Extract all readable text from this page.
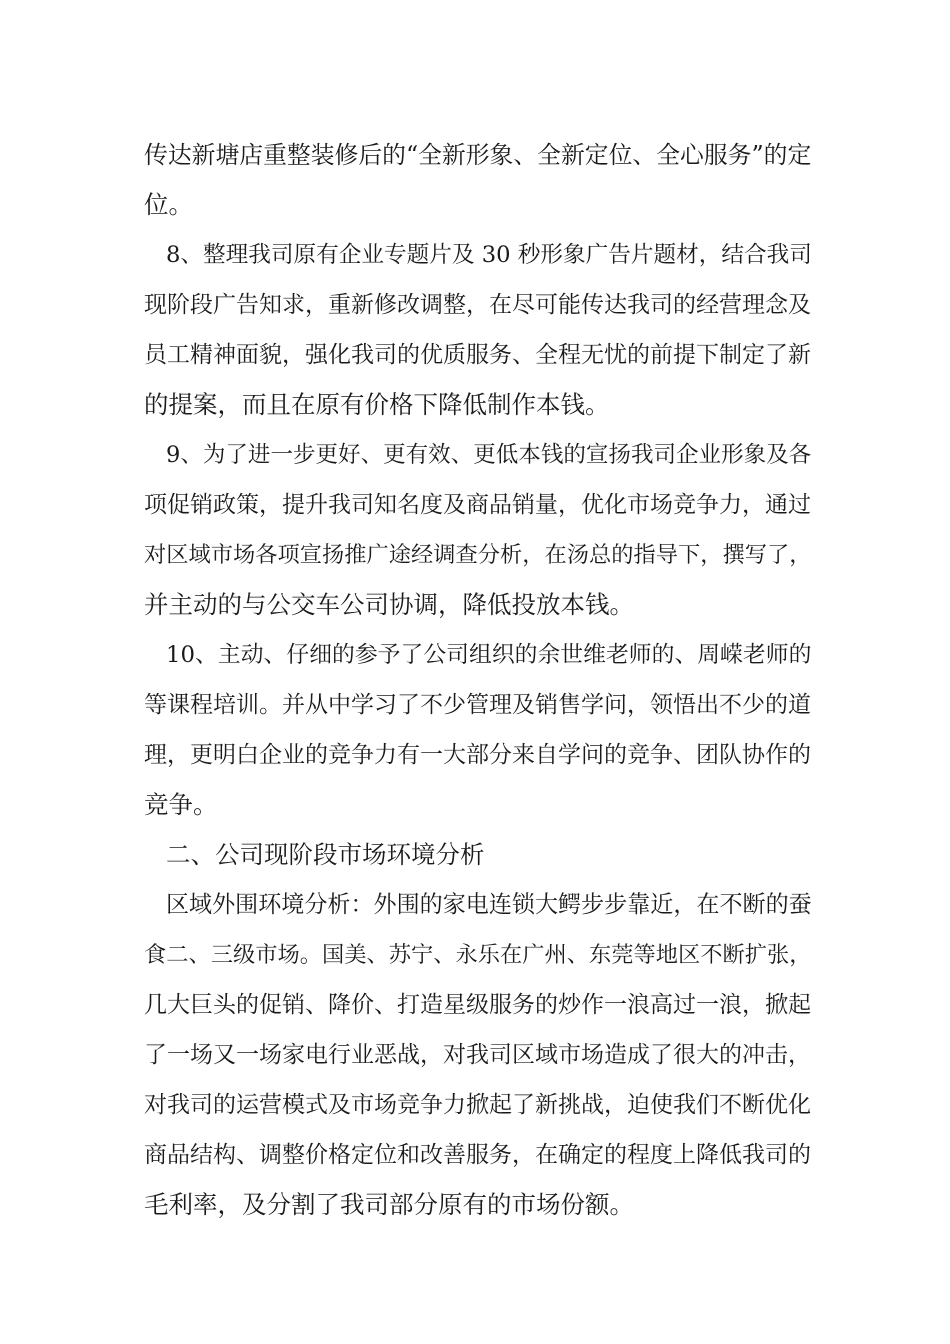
传达新塘店重整装修后的“全新形象、全新定位、全心服务”的定
位。
8、整理我司原有企业专题片及 30 秒形象广告片题材，结合我司
现阶段广告知求，重新修改调整，在尽可能传达我司的经营理念及
员工精神面貌，强化我司的优质服务、全程无忧的前提下制定了新
的提案，而且在原有价格下降低制作本钱。
9、为了进一步更好、更有效、更低本钱的宣扬我司企业形象及各
项促销政策，提升我司知名度及商品销量，优化市场竞争力，通过
对区域市场各项宣扬推广途经调查分析，在汤总的指导下，撰写了，
并主动的与公交车公司协调，降低投放本钱。
10、主动、仔细的参予了公司组织的余世维老师的、周嵘老师的
等课程培训。并从中学习了不少管理及销售学问，领悟出不少的道
理，更明白企业的竞争力有一大部分来自学问的竞争、团队协作的
竞争。
二、公司现阶段市场环境分析
区域外围环境分析：外围的家电连锁大鳄步步靠近，在不断的蚕
食二、三级市场。国美、苏宁、永乐在广州、东莞等地区不断扩张，
几大巨头的促销、降价、打造星级服务的炒作一浪高过一浪，掀起
了一场又一场家电行业恶战，对我司区域市场造成了很大的冲击，
对我司的运营模式及市场竞争力掀起了新挑战，迫使我们不断优化
商品结构、调整价格定位和改善服务，在确定的程度上降低我司的
毛利率，及分割了我司部分原有的市场份额。
